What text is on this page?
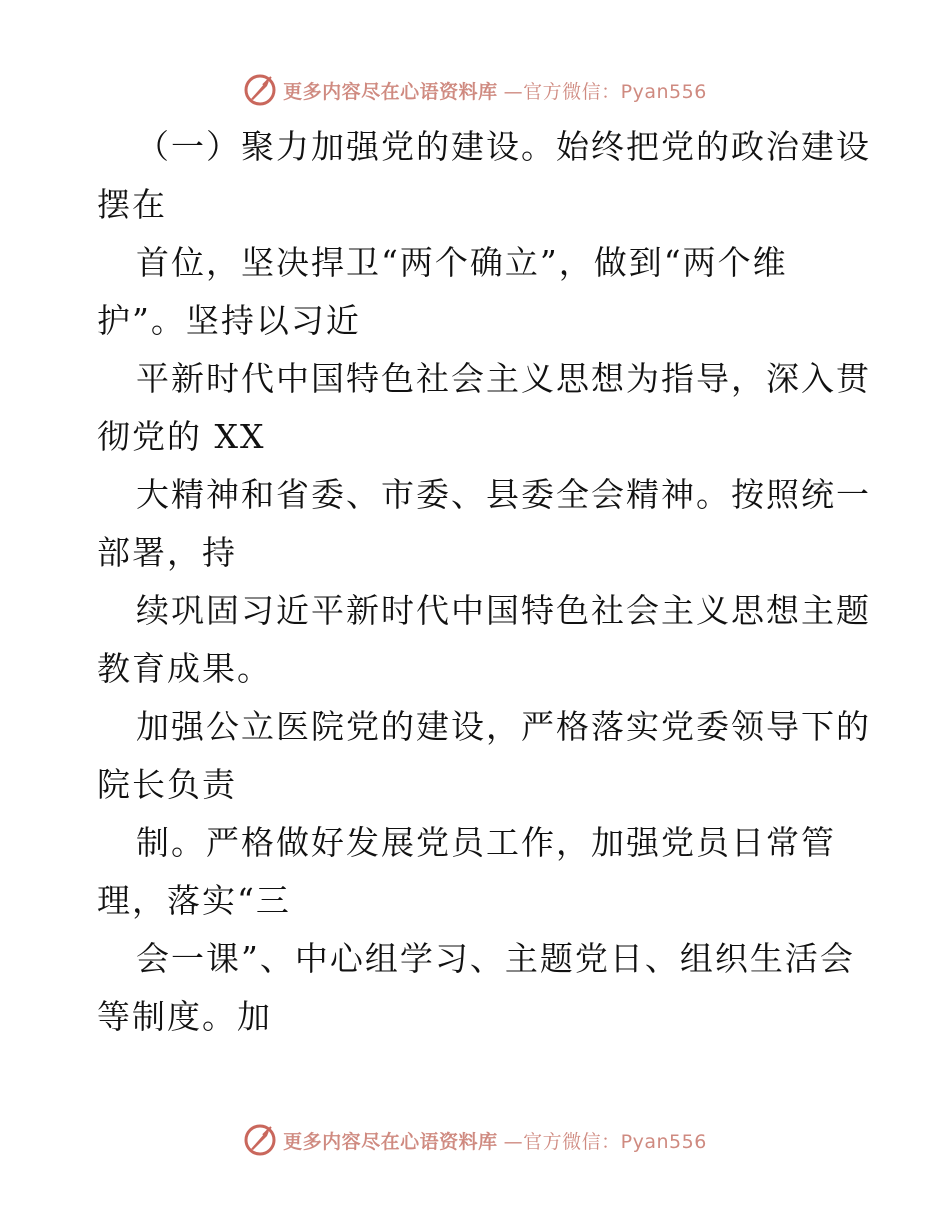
更多内容尽在心语资料库 —官方微信：Pyan556
（一）聚力加强党的建设。始终把党的政治建设
摆在
首位，坚决捍卫“两个确立”，做到“两个维
护”。坚持以习近
平新时代中国特色社会主义思想为指导，深入贯
彻党的 XX
大精神和省委、市委、县委全会精神。按照统一
部署，持
续巩固习近平新时代中国特色社会主义思想主题
教育成果。
加强公立医院党的建设，严格落实党委领导下的
院长负责
制。严格做好发展党员工作，加强党员日常管
理，落实“三
会一课”、中心组学习、主题党日、组织生活会
等制度。加
更多内容尽在心语资料库 —官方微信：Pyan556
